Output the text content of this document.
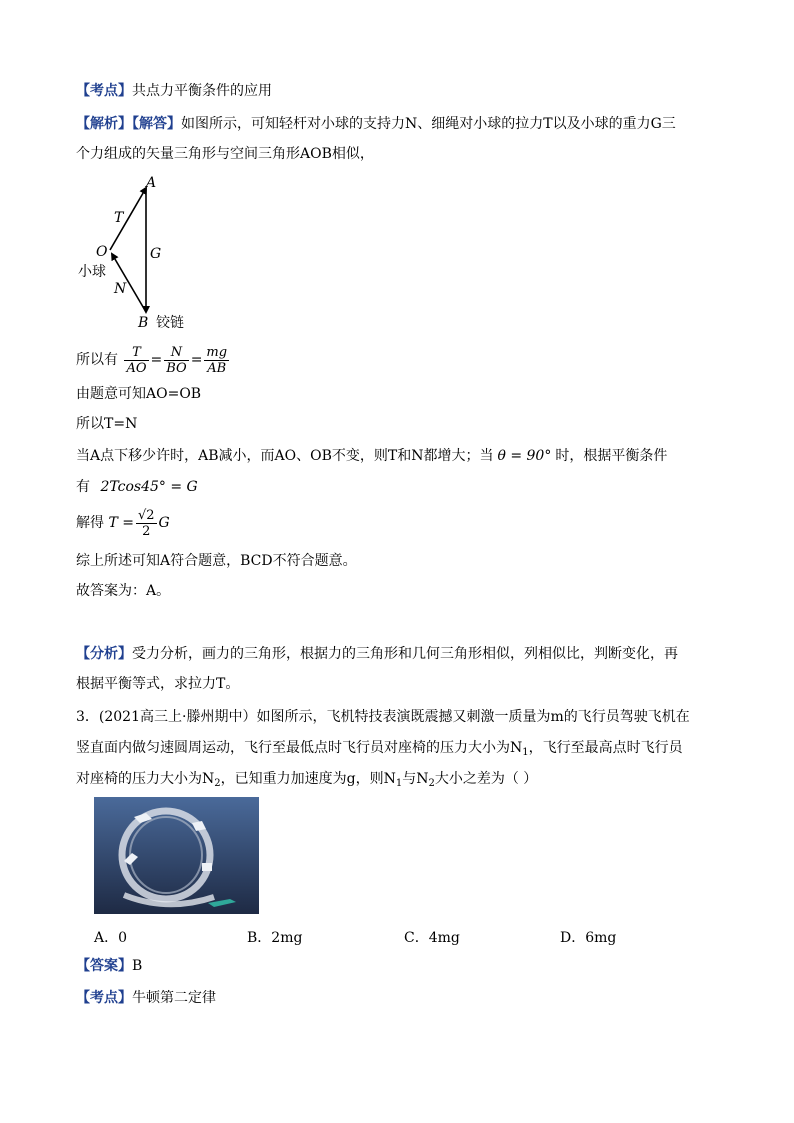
【考点】共点力平衡条件的应用
【解析】【解答】如图所示，可知轻杆对小球的支持力N、细绳对小球的拉力T以及小球的重力G三
个力组成的矢量三角形与空间三角形AOB相似，
A
T
O	G
小球
N
B 铰链
所以有 $\frac{T}{AO} = \frac{N}{BO} = \frac{mg}{AB}$
由题意可知AO=OB
所以T=N
当A点下移少许时，AB减小，而AO、OB不变，则T和N都增大；当 θ = 90° 时，根据平衡条件
有 2Tcos45° = G
解得 $T = \frac{√2}{2}$ G
综上所述可知A符合题意，BCD不符合题意。
故答案为：A。
【分析】受力分析，画力的三角形，根据力的三角形和几何三角形相似，列相似比，判断变化，再
根据平衡等式，求拉力T。
3．(2021高三上·滕州期中）如图所示，飞机特技表演既震撼又刺激一质量为m的飞行员驾驶飞机在
竖直面内做匀速圆周运动，飞行至最低点时飞行员对座椅的压力大小为$N_1$，飞行至最高点时飞行员
对座椅的压力大小为$N_2$，已知重力加速度为g，则$N_1$与$N_2$大小之差为（ ）
A．0	B．2mg	C．4mg	D．6mg
【答案】B
【考点】牛顿第二定律
